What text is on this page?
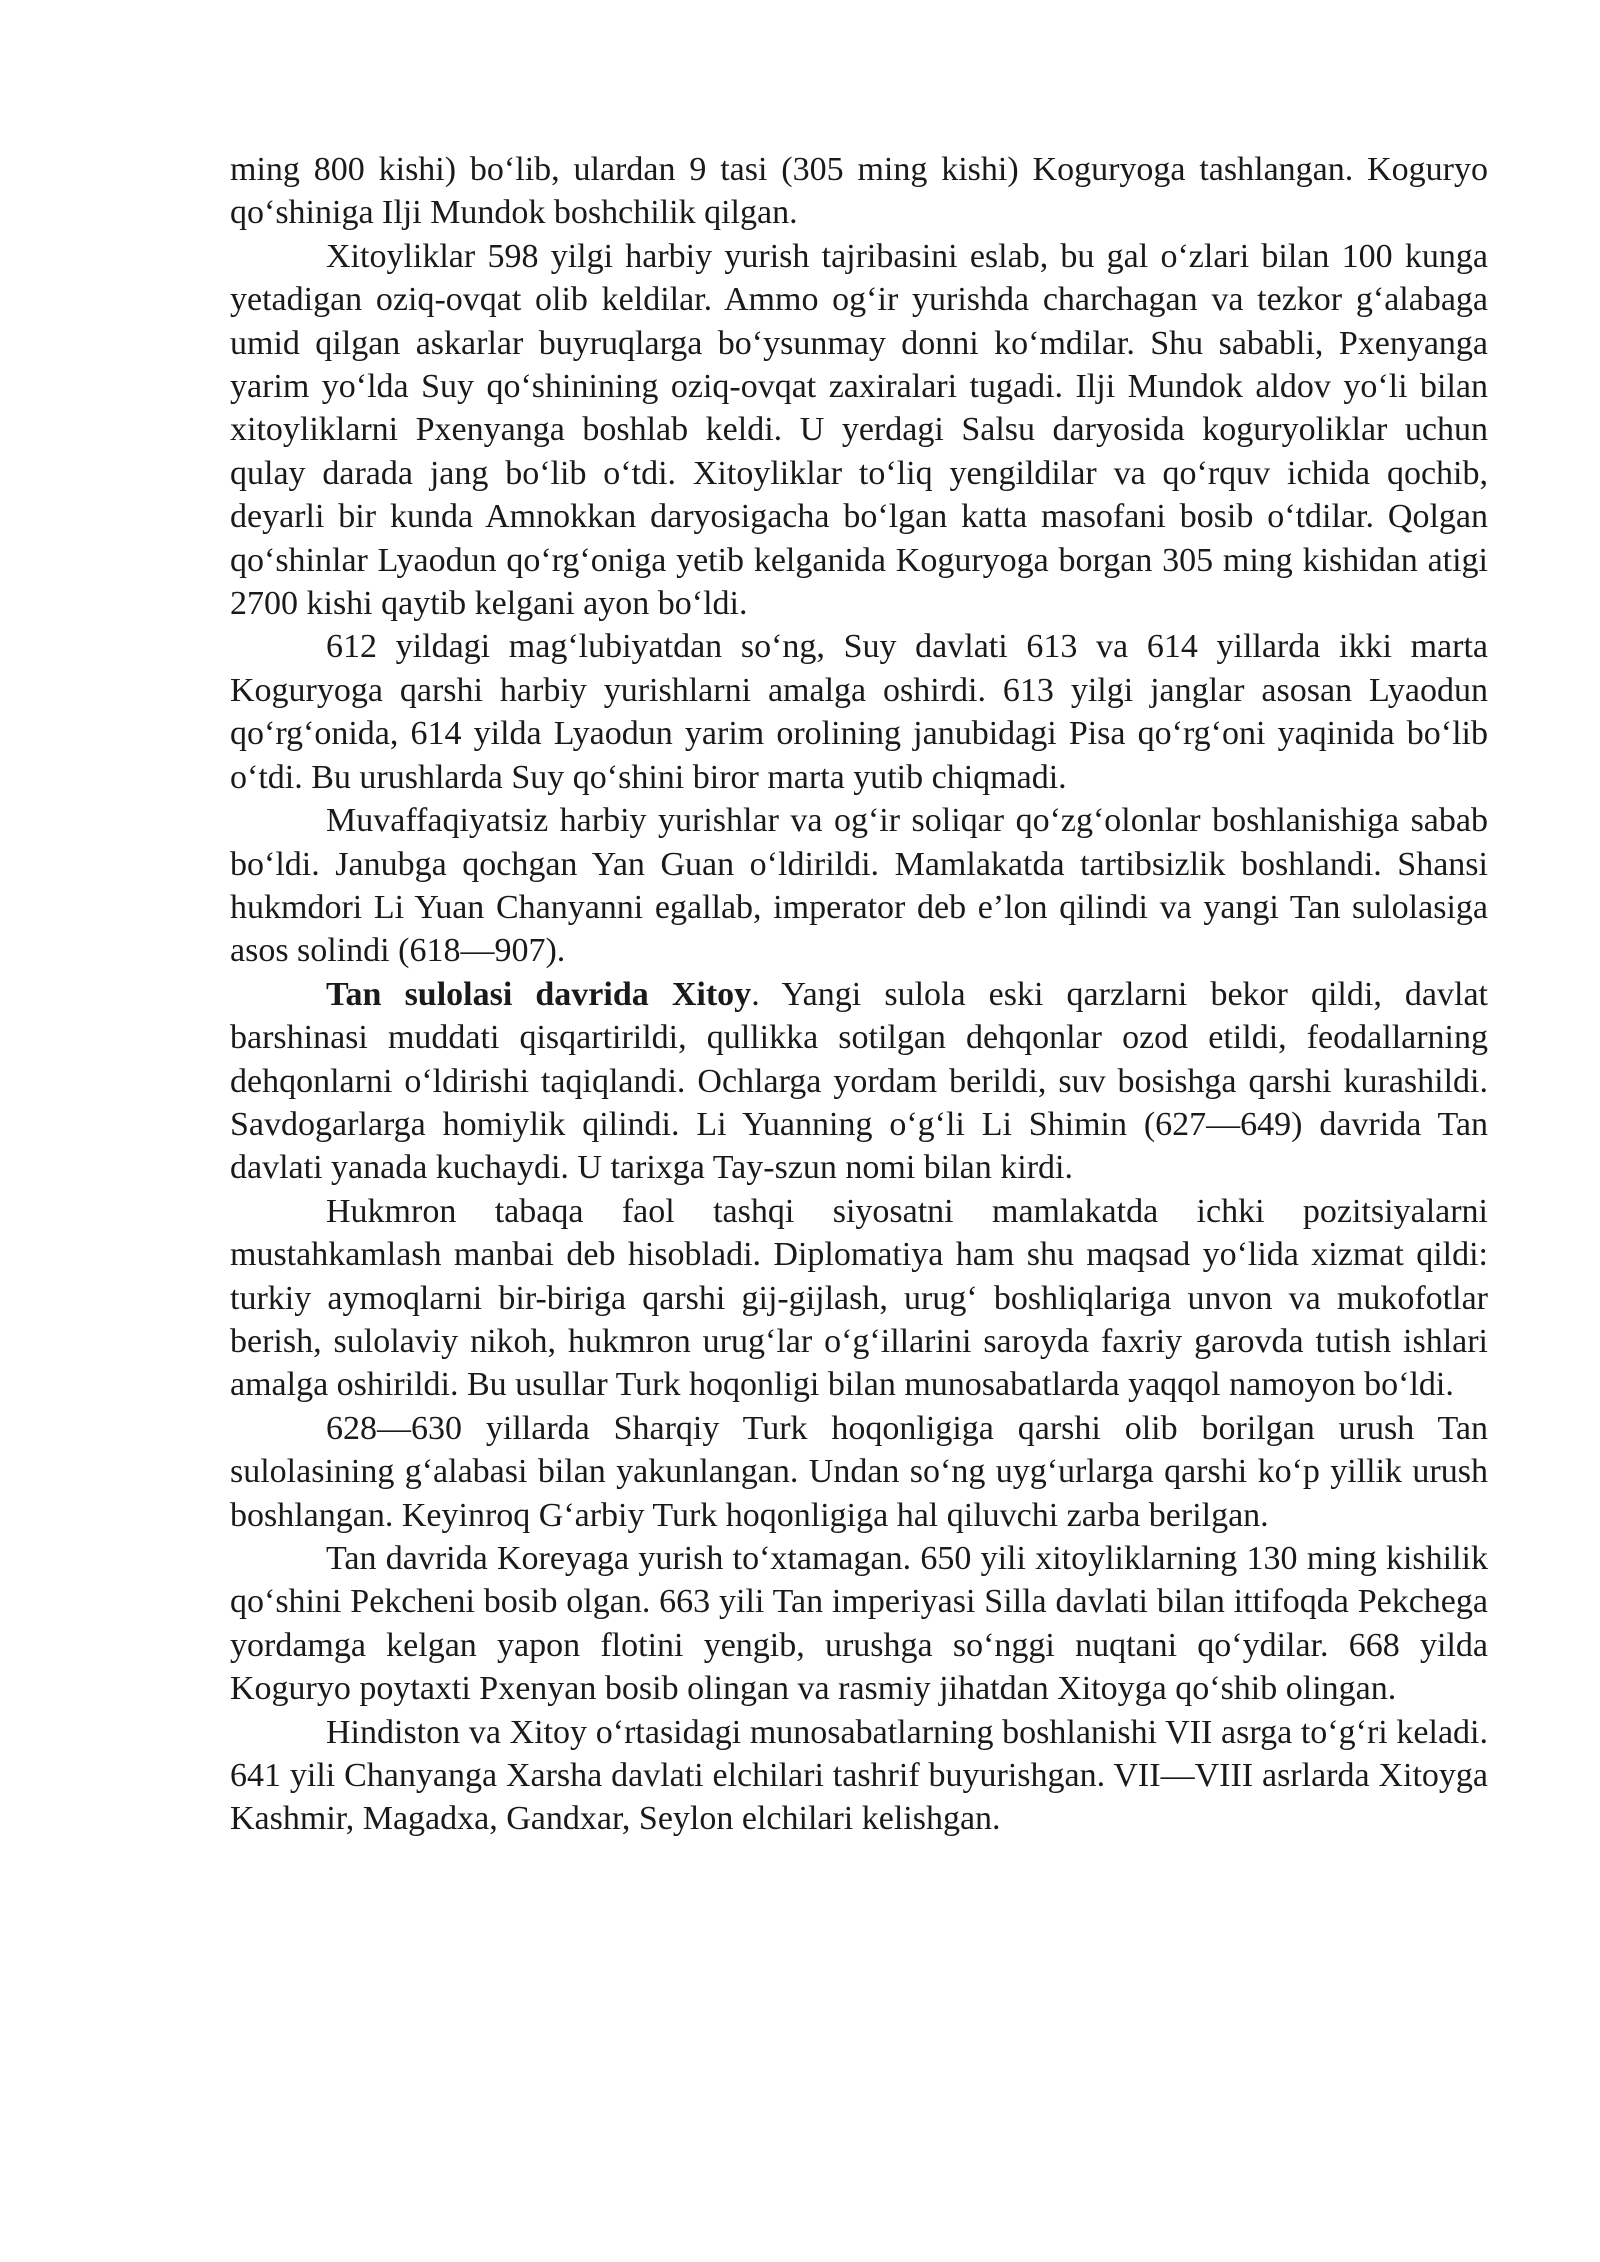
ming 800 kishi) bo‘lib, ulardan 9 tasi (305 ming kishi) Koguryoga tashlangan. Koguryo qo‘shiniga Ilji Mundok boshchilik qilgan.

Xitoyliklar 598 yilgi harbiy yurish tajribasini eslab, bu gal o‘zlari bilan 100 kunga yetadigan oziq-ovqat olib keldilar. Ammo og‘ir yurishda charchagan va tezkor g‘alabaga umid qilgan askarlar buyruqlarga bo‘ysunmay donni ko‘mdilar. Shu sababli, Pxenyanga yarim yo‘lda Suy qo‘shinining oziq-ovqat zaxiralari tugadi. Ilji Mundok aldov yo‘li bilan xitoyliklarni Pxenyanga boshlab keldi. U yerdagi Salsu daryosida koguryoliklar uchun qulay darada jang bo‘lib o‘tdi. Xitoyliklar to‘liq yengildilar va qo‘rquv ichida qochib, deyarli bir kunda Amnokkan daryosigacha bo‘lgan katta masofani bosib o‘tdilar. Qolgan qo‘shinlar Lyaodun qo‘rg‘oniga yetib kelganida Koguryoga borgan 305 ming kishidan atigi 2700 kishi qaytib kelgani ayon bo‘ldi.

612 yildagi mag‘lubiyatdan so‘ng, Suy davlati 613 va 614 yillarda ikki marta Koguryoga qarshi harbiy yurishlarni amalga oshirdi. 613 yilgi janglar asosan Lyaodun qo‘rg‘onida, 614 yilda Lyaodun yarim orolining janubidagi Pisa qo‘rg‘oni yaqinida bo‘lib o‘tdi. Bu urushlarda Suy qo‘shini biror marta yutib chiqmadi.

Muvaffaqiyatsiz harbiy yurishlar va og‘ir soliqar qo‘zg‘olonlar boshlanishiga sabab bo‘ldi. Janubga qochgan Yan Guan o‘ldirildi. Mamlakatda tartibsizlik boshlandi. Shansi hukmdori Li Yuan Chanyanni egallab, imperator deb e’lon qilindi va yangi Tan sulolasiga asos solindi (618—907).

Tan sulolasi davrida Xitoy. Yangi sulola eski qarzlarni bekor qildi, davlat barshinasi muddati qisqartirildi, qullikka sotilgan dehqonlar ozod etildi, feodallarning dehqonlarni o‘ldirishi taqiqlandi. Ochlarga yordam berildi, suv bosishga qarshi kurashildi. Savdogarlarga homiylik qilindi. Li Yuanning o‘g‘li Li Shimin (627—649) davrida Tan davlati yanada kuchaydi. U tarixga Tay-szun nomi bilan kirdi.

Hukmron tabaqa faol tashqi siyosatni mamlakatda ichki pozitsiyalarni mustahkamlash manbai deb hisobladi. Diplomatiya ham shu maqsad yo‘lida xizmat qildi: turkiy aymoqlarni bir-biriga qarshi gij-gijlash, urug‘ boshliqlariga unvon va mukofotlar berish, sulolaviy nikoh, hukmron urug‘lar o‘g‘illarini saroyda faxriy garovda tutish ishlari amalga oshirildi. Bu usullar Turk hoqonligi bilan munosabatlarda yaqqol namoyon bo‘ldi.

628—630 yillarda Sharqiy Turk hoqonligiga qarshi olib borilgan urush Tan sulolasining g‘alabasi bilan yakunlangan. Undan so‘ng uyg‘urlarga qarshi ko‘p yillik urush boshlangan. Keyinroq G‘arbiy Turk hoqonligiga hal qiluvchi zarba berilgan.

Tan davrida Koreyaga yurish to‘xtamagan. 650 yili xitoyliklarning 130 ming kishilik qo‘shini Pekcheni bosib olgan. 663 yili Tan imperiyasi Silla davlati bilan ittifoqda Pekchega yordamga kelgan yapon flotini yengib, urushga so‘nggi nuqtani qo‘ydilar. 668 yilda Koguryo poytaxti Pxenyan bosib olingan va rasmiy jihatdan Xitoyga qo‘shib olingan.

Hindiston va Xitoy o‘rtasidagi munosabatlarning boshlanishi VII asrga to‘g‘ri keladi. 641 yili Chanyanga Xarsha davlati elchilari tashrif buyurishgan. VII—VIII asrlarda Xitoyga Kashmir, Magadxa, Gandxar, Seylon elchilari kelishgan.
